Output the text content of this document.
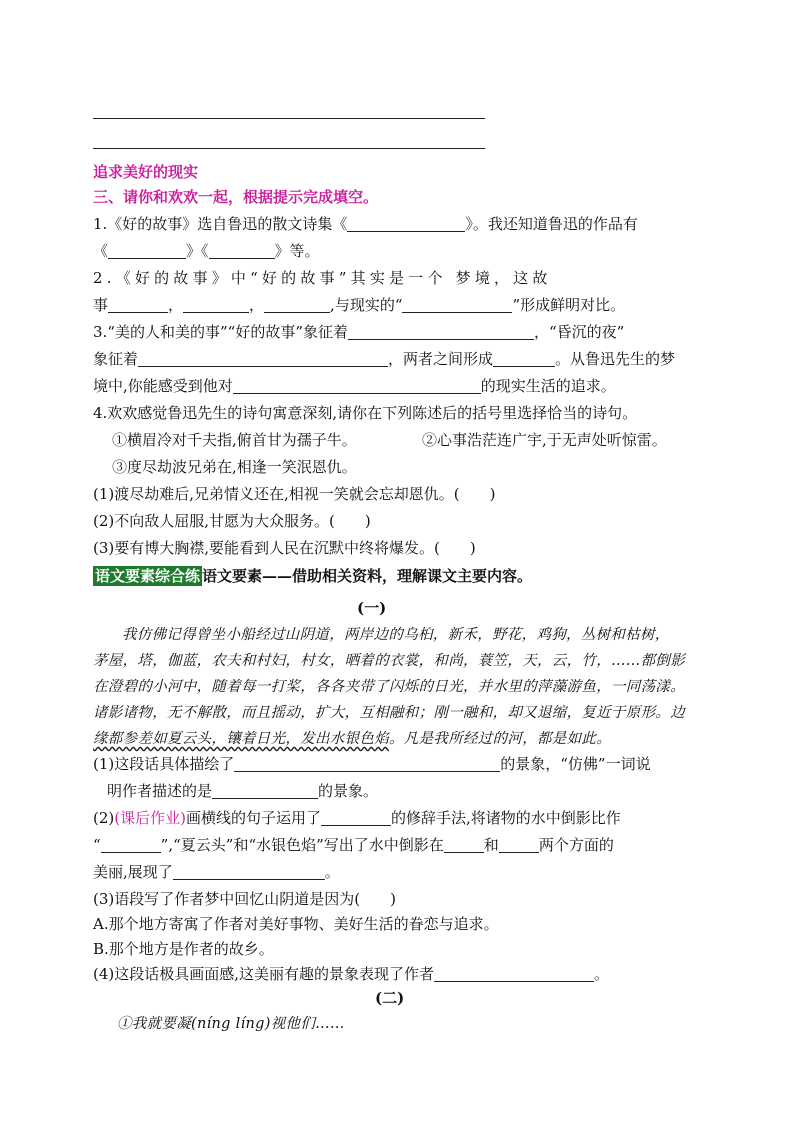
追求美好的现实
三、请你和欢欢一起，根据提示完成填空。
1.《好的故事》选自鲁迅的散文诗集《	》。我还知道鲁迅的作品有
《	》《	》等。
2.《好的故事》中“好的故事”其实是一个 梦境，这故
事	，	，	,与现实的“	”形成鲜明对比。
3.“美的人和美的事”“好的故事”象征着	，“昏沉的夜”
象征着	，两者之间形成	。从鲁迅先生的梦
境中,你能感受到他对	的现实生活的追求。
4.欢欢感觉鲁迅先生的诗句寓意深刻,请你在下列陈述后的括号里选择恰当的诗句。
①横眉冷对千夫指,俯首甘为孺子牛。	②心事浩茫连广宇,于无声处听惊雷。
③度尽劫波兄弟在,相逢一笑泯恩仇。
(1)渡尽劫难后,兄弟情义还在,相视一笑就会忘却恩仇。(　　)
(2)不向敌人屈服,甘愿为大众服务。(　　)
(3)要有博大胸襟,要能看到人民在沉默中终将爆发。(　　)
语文要素综合练 语文要素——借助相关资料，理解课文主要内容。
(一)
我仿佛记得曾坐小船经过山阴道，两岸边的乌桕，新禾，野花，鸡狗，丛树和枯树，
茅屋，塔，伽蓝，农夫和村妇，村女，晒着的衣裳，和尚，蓑笠，天，云，竹，……都倒影
在澄碧的小河中，随着每一打桨，各各夹带了闪烁的日光，并水里的萍藻游鱼，一同荡漾。
诸影诸物，无不解散，而且摇动，扩大，互相融和；刚一融和，却又退缩，复近于原形。边
缘都参差如夏云头，镶着日光，发出水银色焰。凡是我所经过的河，都是如此。
(1)这段话具体描绘了	的景象，“仿佛”一词说
明作者描述的是	的景象。
(2)(课后作业)画横线的句子运用了	的修辞手法,将诸物的水中倒影比作
“	”,“夏云头”和“水银色焰”写出了水中倒影在	和	两个方面的
美丽,展现了	。
(3)语段写了作者梦中回忆山阴道是因为(　　)
A.那个地方寄寓了作者对美好事物、美好生活的眷恋与追求。
B.那个地方是作者的故乡。
(4)这段话极具画面感,这美丽有趣的景象表现了作者	。
(二)
①我就要凝(níng líng)视他们……
